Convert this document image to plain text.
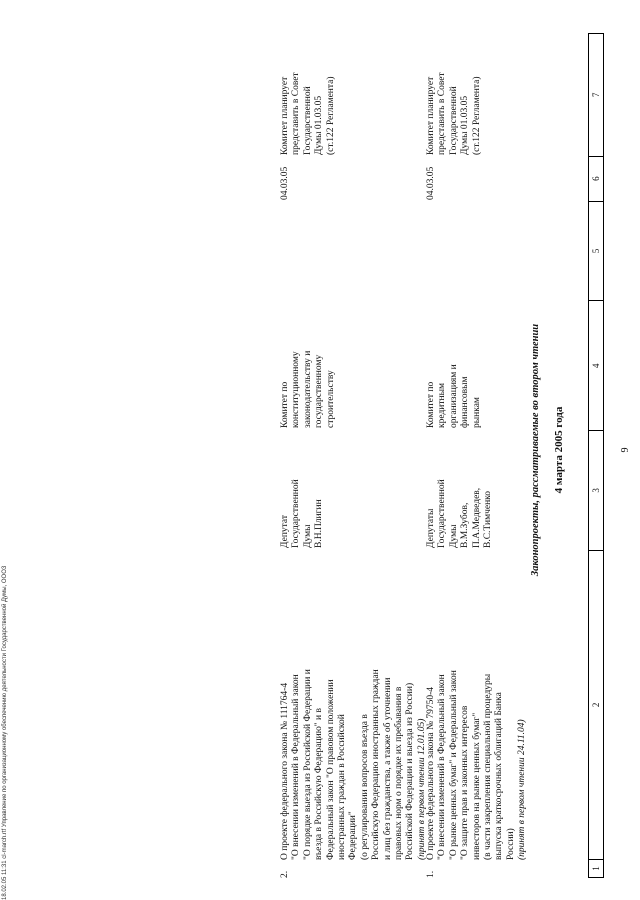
18.02.05 11:31 cl-march.rtf Управление по организационному обеспечению деятельности Государственной Думы, ООО3
9
1
2
3
4
5
6
7
4 марта 2005 года
Законопроекты, рассматриваемые во втором чтении
1.
О проекте федерального закона № 79750-4 "О внесении изменений в Федеральный закон "О рынке ценных бумаг" и Федеральный закон "О защите прав и законных интересов инвесторов на рынке ценных бумаг" (в части закрепления специальной процедуры выпуска краткосрочных облигаций Банка России) (принят в первом чтении 24.11.04)
Депутаты Государственной Думы В.М.Зубов, П.А.Медведев, В.С.Тимченко
Комитет по кредитным организациям и финансовым рынкам
04.03.05
Комитет планирует представить в Совет Государственной Думы 01.03.05 (ст.122 Регламента)
2.
О проекте федерального закона № 111764-4 "О внесении изменений в Федеральный закон "О порядке выезда из Российской Федерации и въезда в Российскую Федерацию" и в Федеральный закон "О правовом положении иностранных граждан в Российской Федерации" (о регулировании вопросов въезда в Российскую Федерацию иностранных граждан и лиц без гражданства, а также об уточнении правовых норм о порядке их пребывания в Российской Федерации и выезда из России) (принят в первом чтении 12.01.05)
Депутат Государственной Думы В.Н.Плигин
Комитет по конституционному законодательству и государственному строительству
04.03.05
Комитет планирует представить в Совет Государственной Думы 01.03.05 (ст.122 Регламента)
